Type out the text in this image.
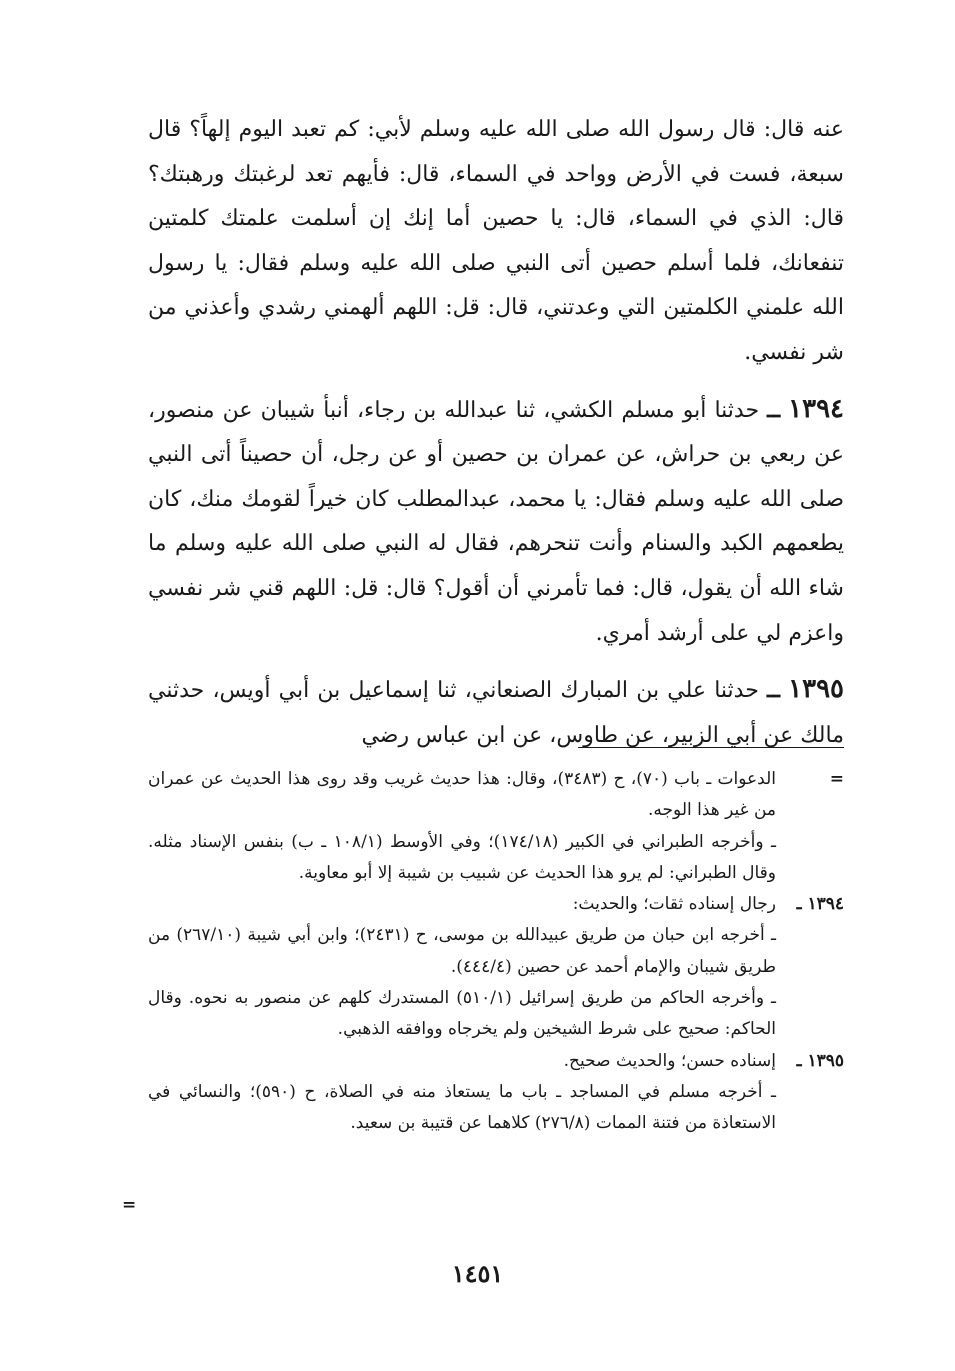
عنه قال: قال رسول الله صلى الله عليه وسلم لأبي: كم تعبد اليوم إلهاً؟ قال سبعة، فست في الأرض وواحد في السماء، قال: فأيهم تعد لرغبتك ورهبتك؟ قال: الذي في السماء، قال: يا حصين أما إنك إن أسلمت علمتك كلمتين تنفعانك، فلما أسلم حصين أتى النبي صلى الله عليه وسلم فقال: يا رسول الله علمني الكلمتين التي وعدتني، قال: قل: اللهم ألهمني رشدي وأعذني من شر نفسي.

١٣٩٤ ــ حدثنا أبو مسلم الكشي، ثنا عبدالله بن رجاء، أنبأ شيبان عن منصور، عن ربعي بن حراش، عن عمران بن حصين أو عن رجل، أن حصيناً أتى النبي صلى الله عليه وسلم فقال: يا محمد، عبدالمطلب كان خيراً لقومك منك، كان يطعمهم الكبد والسنام وأنت تنحرهم، فقال له النبي صلى الله عليه وسلم ما شاء الله أن يقول، قال: فما تأمرني أن أقول؟ قال: قل: اللهم قني شر نفسي واعزم لي على أرشد أمري.

١٣٩٥ ــ حدثنا علي بن المبارك الصنعاني، ثنا إسماعيل بن أبي أويس، حدثني مالك عن أبي الزبير، عن طاوس، عن ابن عباس رضي

=
الدعوات ـ باب (٧٠)، ح (٣٤٨٣)، وقال: هذا حديث غريب وقد روى هذا الحديث عن عمران من غير هذا الوجه.
ـ وأخرجه الطبراني في الكبير (١٧٤/١٨)؛ وفي الأوسط (١٠٨/١ ـ ب) بنفس الإسناد مثله. وقال الطبراني: لم يرو هذا الحديث عن شبيب بن شيبة إلا أبو معاوية.
١٣٩٤ ـ
رجال إسناده ثقات؛ والحديث:
ـ أخرجه ابن حبان من طريق عبيدالله بن موسى، ح (٢٤٣١)؛ وابن أبي شيبة (٢٦٧/١٠) من طريق شيبان والإمام أحمد عن حصين (٤٤٤/٤).
ـ وأخرجه الحاكم من طريق إسرائيل (٥١٠/١) المستدرك كلهم عن منصور به نحوه. وقال الحاكم: صحيح على شرط الشيخين ولم يخرجاه ووافقه الذهبي.
١٣٩٥ ـ
إسناده حسن؛ والحديث صحيح.
ـ أخرجه مسلم في المساجد ـ باب ما يستعاذ منه في الصلاة، ح (٥٩٠)؛ والنسائي في الاستعاذة من فتنة الممات (٢٧٦/٨) كلاهما عن قتيبة بن سعيد.
=
١٤٥١
